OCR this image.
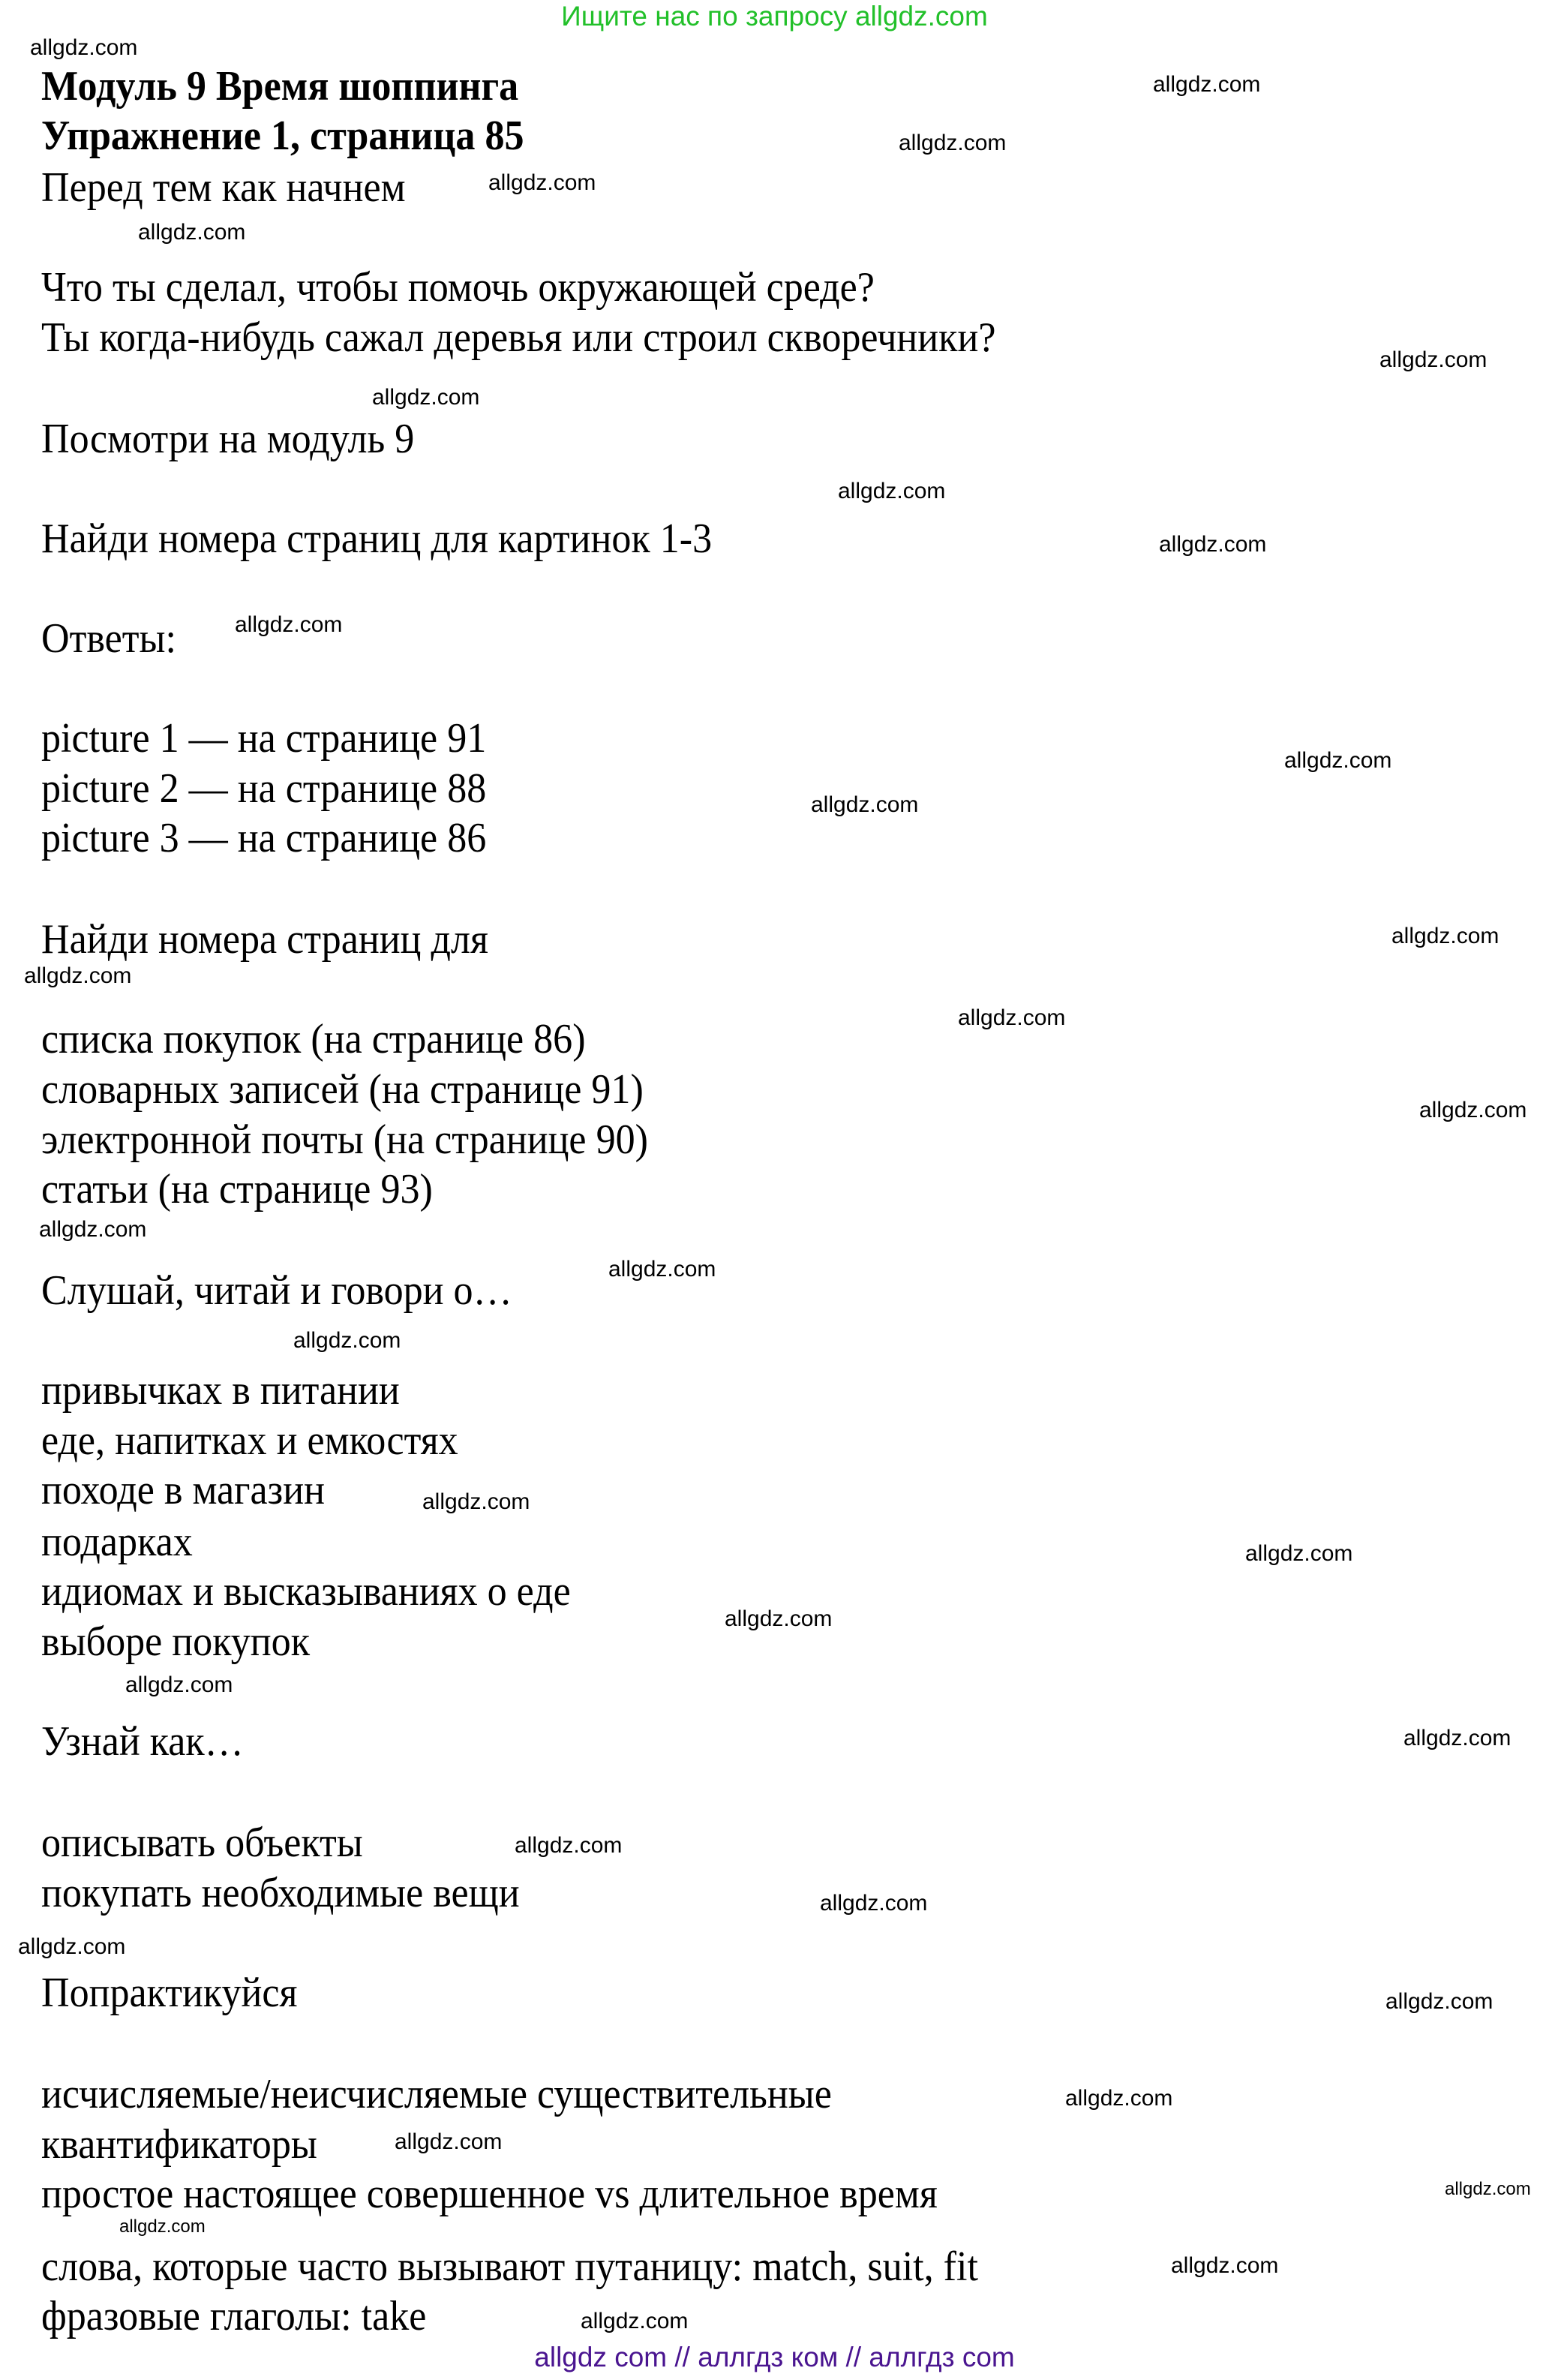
Ищите нас по запросу allgdz.com
Модуль 9 Время шоппинга
Упражнение 1, страница 85
Перед тем как начнем
Что ты сделал, чтобы помочь окружающей среде?
Ты когда-нибудь сажал деревья или строил скворечники?
Посмотри на модуль 9
Найди номера страниц для картинок 1-3
Ответы:
picture 1 — на странице 91
picture 2 — на странице 88
picture 3 — на странице 86
Найди номера страниц для
списка покупок (на странице 86)
словарных записей (на странице 91)
электронной почты (на странице 90)
статьи (на странице 93)
Слушай, читай и говори о…
привычках в питании
еде, напитках и емкостях
походе в магазин
подарках
идиомах и высказываниях о еде
выборе покупок
Узнай как…
описывать объекты
покупать необходимые вещи
Попрактикуйся
исчисляемые/неисчисляемые существительные
квантификаторы
простое настоящее совершенное vs длительное время
слова, которые часто вызывают путаницу: match, suit, fit
фразовые глаголы: take
allgdz.com
allgdz.com
allgdz.com
allgdz.com
allgdz.com
allgdz.com
allgdz.com
allgdz.com
allgdz.com
allgdz.com
allgdz.com
allgdz.com
allgdz.com
allgdz.com
allgdz.com
allgdz.com
allgdz.com
allgdz.com
allgdz.com
allgdz.com
allgdz.com
allgdz.com
allgdz.com
allgdz.com
allgdz.com
allgdz.com
allgdz.com
allgdz.com
allgdz.com
allgdz.com
allgdz.com
allgdz.com
allgdz.com
allgdz.com
allgdz com // аллгдз ком // аллгдз com
